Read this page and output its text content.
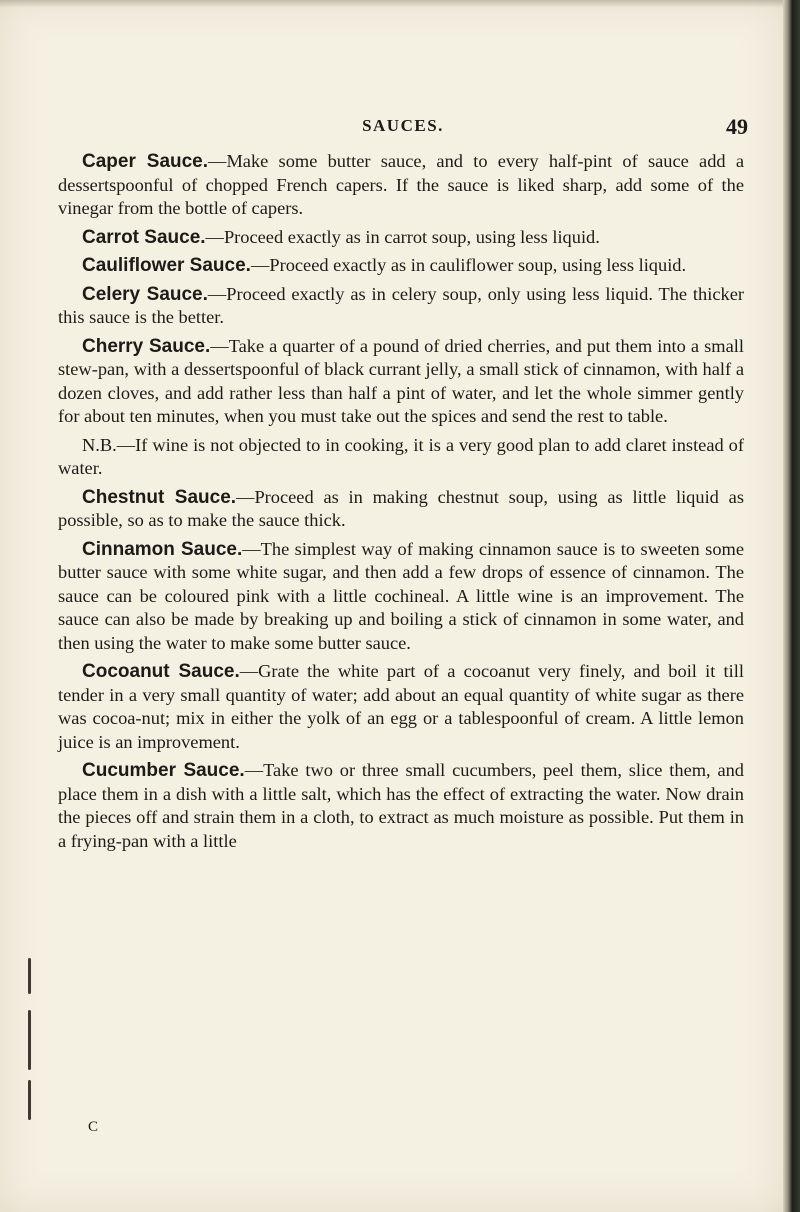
SAUCES.	49

Caper Sauce.—Make some butter sauce, and to every half-pint of sauce add a dessertspoonful of chopped French capers. If the sauce is liked sharp, add some of the vinegar from the bottle of capers.

Carrot Sauce.—Proceed exactly as in carrot soup, using less liquid.

Cauliflower Sauce.—Proceed exactly as in cauliflower soup, using less liquid.

Celery Sauce.—Proceed exactly as in celery soup, only using less liquid. The thicker this sauce is the better.

Cherry Sauce.—Take a quarter of a pound of dried cherries, and put them into a small stew-pan, with a dessertspoonful of black currant jelly, a small stick of cinnamon, with half a dozen cloves, and add rather less than half a pint of water, and let the whole simmer gently for about ten minutes, when you must take out the spices and send the rest to table.

N.B.—If wine is not objected to in cooking, it is a very good plan to add claret instead of water.

Chestnut Sauce.—Proceed as in making chestnut soup, using as little liquid as possible, so as to make the sauce thick.

Cinnamon Sauce.—The simplest way of making cinnamon sauce is to sweeten some butter sauce with some white sugar, and then add a few drops of essence of cinnamon. The sauce can be coloured pink with a little cochineal. A little wine is an improvement. The sauce can also be made by breaking up and boiling a stick of cinnamon in some water, and then using the water to make some butter sauce.

Cocoanut Sauce.—Grate the white part of a cocoanut very finely, and boil it till tender in a very small quantity of water; add about an equal quantity of white sugar as there was cocoa-nut; mix in either the yolk of an egg or a tablespoonful of cream. A little lemon juice is an improvement.

Cucumber Sauce.—Take two or three small cucumbers, peel them, slice them, and place them in a dish with a little salt, which has the effect of extracting the water. Now drain the pieces off and strain them in a cloth, to extract as much moisture as possible. Put them in a frying-pan with a little

C
